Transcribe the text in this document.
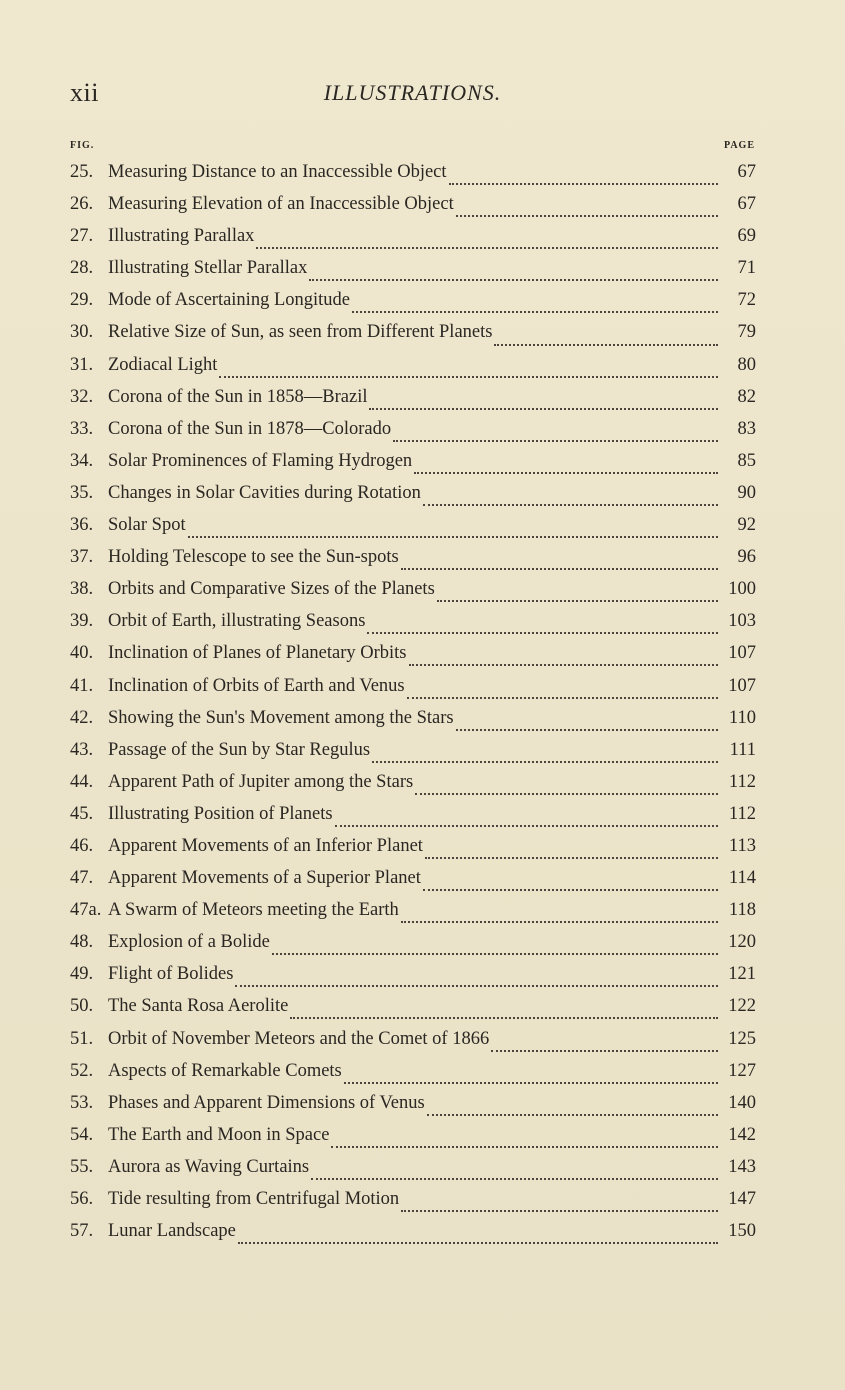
xii	ILLUSTRATIONS.
FIG.	PAGE
25. Measuring Distance to an Inaccessible Object	67
26. Measuring Elevation of an Inaccessible Object	67
27. Illustrating Parallax	69
28. Illustrating Stellar Parallax	71
29. Mode of Ascertaining Longitude	72
30. Relative Size of Sun, as seen from Different Planets	79
31. Zodiacal Light	80
32. Corona of the Sun in 1858—Brazil	82
33. Corona of the Sun in 1878—Colorado	83
34. Solar Prominences of Flaming Hydrogen	85
35. Changes in Solar Cavities during Rotation	90
36. Solar Spot	92
37. Holding Telescope to see the Sun-spots	96
38. Orbits and Comparative Sizes of the Planets	100
39. Orbit of Earth, illustrating Seasons	103
40. Inclination of Planes of Planetary Orbits	107
41. Inclination of Orbits of Earth and Venus	107
42. Showing the Sun's Movement among the Stars	110
43. Passage of the Sun by Star Regulus	111
44. Apparent Path of Jupiter among the Stars	112
45. Illustrating Position of Planets	112
46. Apparent Movements of an Inferior Planet	113
47. Apparent Movements of a Superior Planet	114
47a. A Swarm of Meteors meeting the Earth	118
48. Explosion of a Bolide	120
49. Flight of Bolides	121
50. The Santa Rosa Aerolite	122
51. Orbit of November Meteors and the Comet of 1866	125
52. Aspects of Remarkable Comets	127
53. Phases and Apparent Dimensions of Venus	140
54. The Earth and Moon in Space	142
55. Aurora as Waving Curtains	143
56. Tide resulting from Centrifugal Motion	147
57. Lunar Landscape	150
